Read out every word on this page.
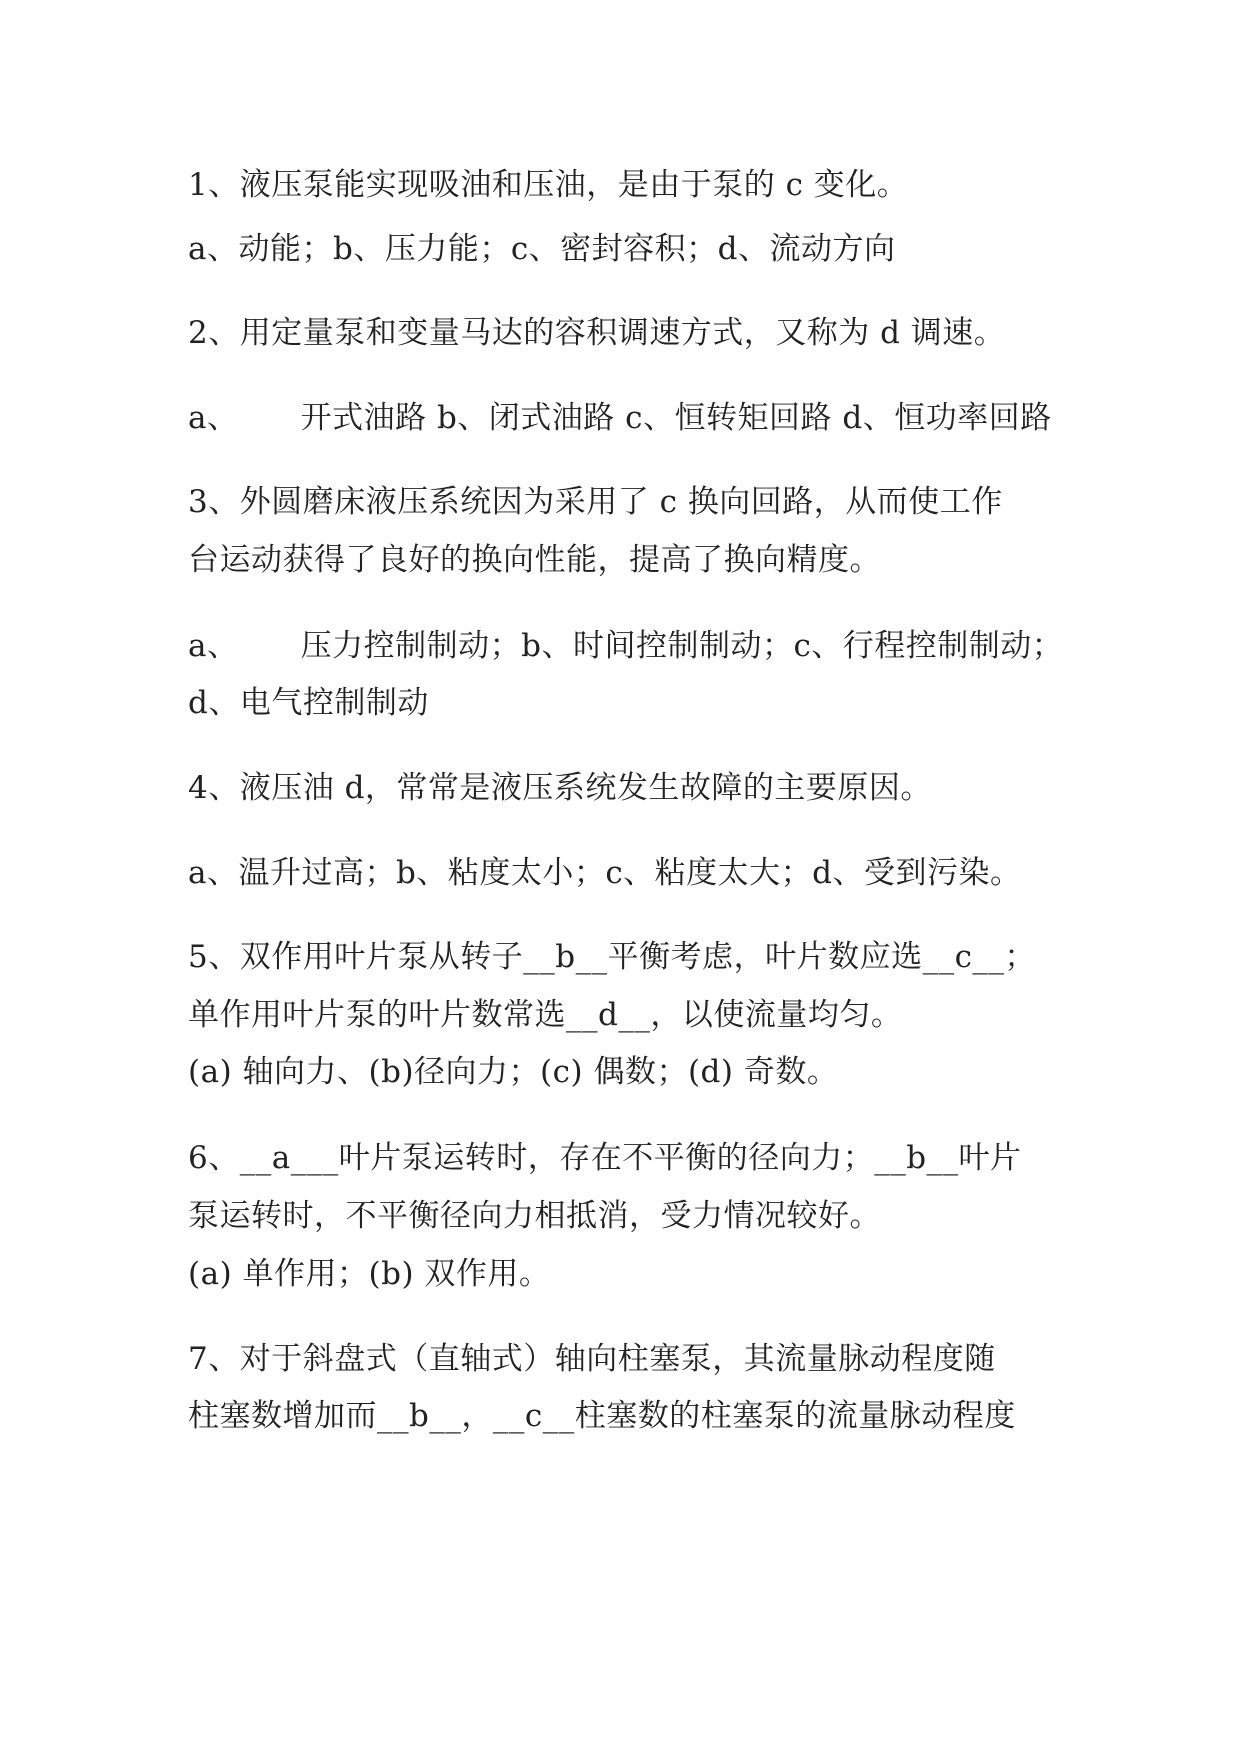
1、液压泵能实现吸油和压油，是由于泵的 c 变化。
a、动能；b、压力能；c、密封容积；d、流动方向
2、用定量泵和变量马达的容积调速方式，又称为 d 调速。
a、      开式油路 b、闭式油路 c、恒转矩回路 d、恒功率回路
3、外圆磨床液压系统因为采用了 c 换向回路，从而使工作
台运动获得了良好的换向性能，提高了换向精度。
a、      压力控制制动；b、时间控制制动；c、行程控制制动；
d、电气控制制动
4、液压油 d，常常是液压系统发生故障的主要原因。
a、温升过高；b、粘度太小；c、粘度太大；d、受到污染。
5、双作用叶片泵从转子__b__平衡考虑，叶片数应选__c__；
单作用叶片泵的叶片数常选__d__，以使流量均匀。
(a) 轴向力、(b)径向力；(c) 偶数；(d) 奇数。
6、__a___叶片泵运转时，存在不平衡的径向力；__b__叶片
泵运转时，不平衡径向力相抵消，受力情况较好。
(a) 单作用；(b) 双作用。
7、对于斜盘式（直轴式）轴向柱塞泵，其流量脉动程度随
柱塞数增加而__b__，__c__柱塞数的柱塞泵的流量脉动程度
